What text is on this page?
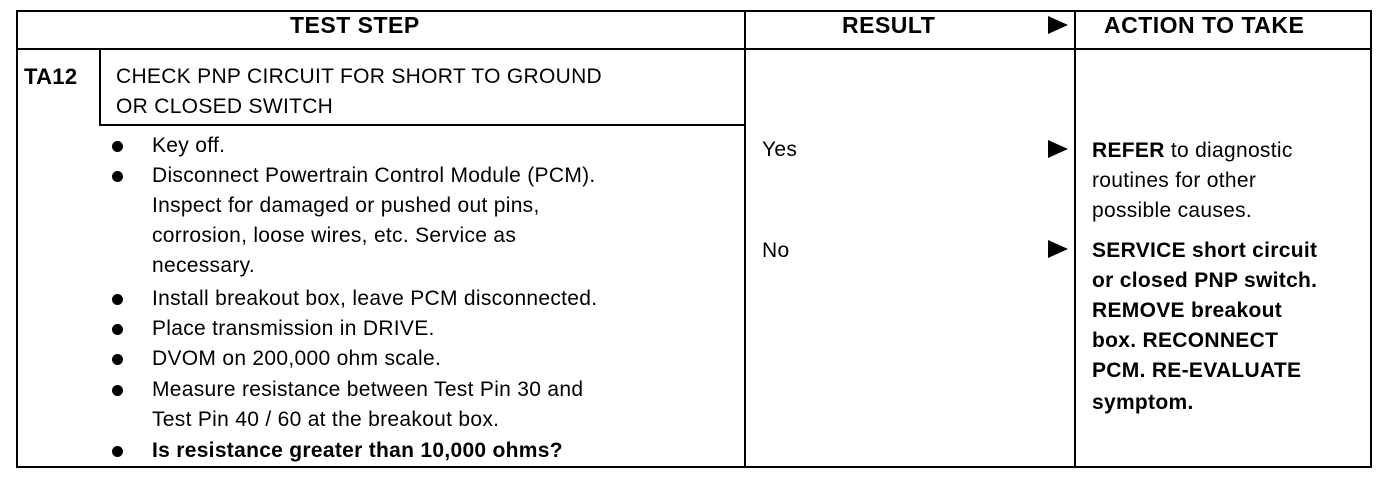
TEST STEP	RESULT	ACTION TO TAKE
TA12 CHECK PNP CIRCUIT FOR SHORT TO GROUND
OR CLOSED SWITCH
Key off.
Disconnect Powertrain Control Module (PCM).
Inspect for damaged or pushed out pins,
corrosion, loose wires, etc. Service as
necessary.
Install breakout box, leave PCM disconnected.
Place transmission in DRIVE.
DVOM on 200,000 ohm scale.
Measure resistance between Test Pin 30 and
Test Pin 40 / 60 at the breakout box.
Is resistance greater than 10,000 ohms?
Yes	REFER to diagnostic
routines for other
possible causes.
No	SERVICE short circuit
or closed PNP switch.
REMOVE breakout
box. RECONNECT
PCM. RE-EVALUATE
symptom.
